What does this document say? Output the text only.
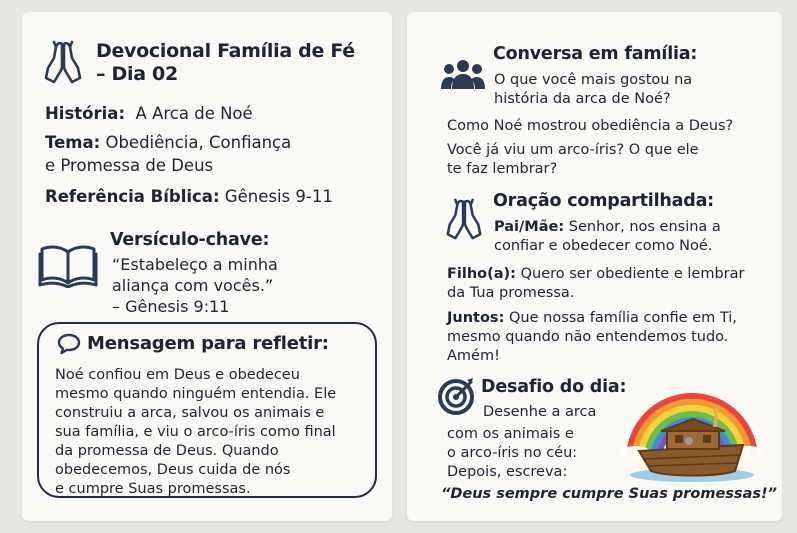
Devocional Família de Fé
– Dia 02
História: A Arca de Noé
Tema: Obediência, Confiança
e Promessa de Deus
Referência Bíblica: Gênesis 9-11
Versículo-chave:
“Estabeleço a minha
aliança com vocês.”
– Gênesis 9:11
Mensagem para refletir:
Noé confiou em Deus e obedeceu
mesmo quando ninguém entendia. Ele
construiu a arca, salvou os animais e
sua família, e viu o arco-íris como final
da promessa de Deus. Quando
obedecemos, Deus cuida de nós
e cumpre Suas promessas.
Conversa em família:
O que você mais gostou na
história da arca de Noé?
Como Noé mostrou obediência a Deus?
Você já viu um arco-íris? O que ele
te faz lembrar?
Oração compartilhada:
Pai/Mãe: Senhor, nos ensina a
confiar e obedecer como Noé.
Filho(a): Quero ser obediente e lembrar
da Tua promessa.
Juntos: Que nossa família confie em Ti,
mesmo quando não entendemos tudo.
Amém!
Desafio do dia:
Desenhe a arca
com os animais e
o arco-íris no céu:
Depois, escreva:
“Deus sempre cumpre Suas promessas!”
